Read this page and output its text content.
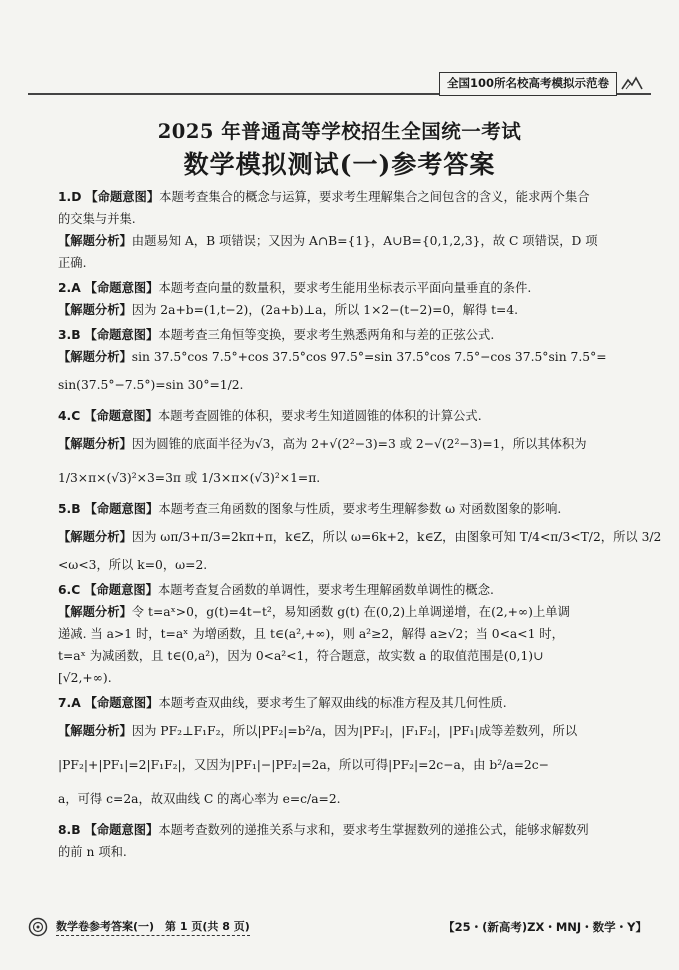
全国100所名校高考模拟示范卷
2025 年普通高等学校招生全国统一考试
数学模拟测试(一)参考答案
1.D 【命题意图】本题考查集合的概念与运算，要求考生理解集合之间包含的含义，能求两个集合
的交集与并集.
【解题分析】由题易知 A，B 项错误；又因为 A∩B={1}，A∪B={0,1,2,3}，故 C 项错误，D 项
正确.
2.A 【命题意图】本题考查向量的数量积，要求考生能用坐标表示平面向量垂直的条件.
【解题分析】因为 2a+b=(1,t−2)，(2a+b)⊥a，所以 1×2−(t−2)=0，解得 t=4.
3.B 【命题意图】本题考查三角恒等变换，要求考生熟悉两角和与差的正弦公式.
【解题分析】sin 37.5°cos 7.5°+cos 37.5°cos 97.5°=sin 37.5°cos 7.5°−cos 37.5°sin 7.5°=
sin(37.5°−7.5°)=sin 30°=1/2.
4.C 【命题意图】本题考查圆锥的体积，要求考生知道圆锥的体积的计算公式.
【解题分析】因为圆锥的底面半径为√3，高为 2+√(2²−3)=3 或 2−√(2²−3)=1，所以其体积为
1/3×π×(√3)²×3=3π 或 1/3×π×(√3)²×1=π.
5.B 【命题意图】本题考查三角函数的图象与性质，要求考生理解参数 ω 对函数图象的影响.
【解题分析】因为 ωπ/3+π/3=2kπ+π，k∈Z，所以 ω=6k+2，k∈Z，由图象可知 T/4<π/3<T/2，所以 3/2
<ω<3，所以 k=0，ω=2.
6.C 【命题意图】本题考查复合函数的单调性，要求考生理解函数单调性的概念.
【解题分析】令 t=aˣ>0，g(t)=4t−t²，易知函数 g(t) 在(0,2)上单调递增，在(2,+∞)上单调
递减. 当 a>1 时，t=aˣ 为增函数，且 t∈(a²,+∞)，则 a²≥2，解得 a≥√2；当 0<a<1 时，
t=aˣ 为减函数，且 t∈(0,a²)，因为 0<a²<1，符合题意，故实数 a 的取值范围是(0,1)∪
[√2,+∞).
7.A 【命题意图】本题考查双曲线，要求考生了解双曲线的标准方程及其几何性质.
【解题分析】因为 PF₂⊥F₁F₂，所以|PF₂|=b²/a，因为|PF₂|，|F₁F₂|，|PF₁|成等差数列，所以
|PF₂|+|PF₁|=2|F₁F₂|，又因为|PF₁|−|PF₂|=2a，所以可得|PF₂|=2c−a，由 b²/a=2c−
a，可得 c=2a，故双曲线 C 的离心率为 e=c/a=2.
8.B 【命题意图】本题考查数列的递推关系与求和，要求考生掌握数列的递推公式，能够求解数列
的前 n 项和.
数学卷参考答案(一)　第 1 页(共 8 页)	【25・(新高考)ZX・MNJ・数学・Y】
